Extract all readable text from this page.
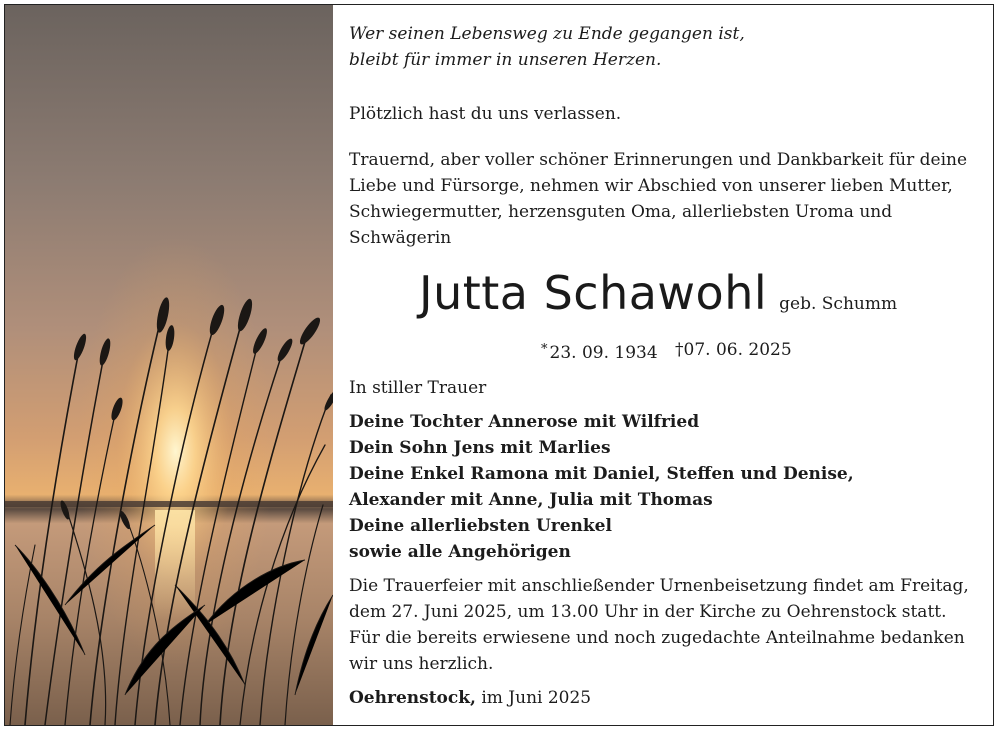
Wer seinen Lebensweg zu Ende gegangen ist,
bleibt für immer in unseren Herzen.
Plötzlich hast du uns verlassen.
Trauernd, aber voller schöner Erinnerungen und Dankbarkeit für deine
Liebe und Fürsorge, nehmen wir Abschied von unserer lieben Mutter,
Schwiegermutter, herzensguten Oma, allerliebsten Uroma und
Schwägerin
Jutta Schawohl geb. Schumm
* 23. 09. 1934 †07. 06. 2025
In stiller Trauer
Deine Tochter Annerose mit Wilfried
Dein Sohn Jens mit Marlies
Deine Enkel Ramona mit Daniel, Steffen und Denise,
Alexander mit Anne, Julia mit Thomas
Deine allerliebsten Urenkel
sowie alle Angehörigen
Die Trauerfeier mit anschließender Urnenbeisetzung findet am Freitag,
dem 27. Juni 2025, um 13.00 Uhr in der Kirche zu Oehrenstock statt.
Für die bereits erwiesene und noch zugedachte Anteilnahme bedanken
wir uns herzlich.
Oehrenstock, im Juni 2025
